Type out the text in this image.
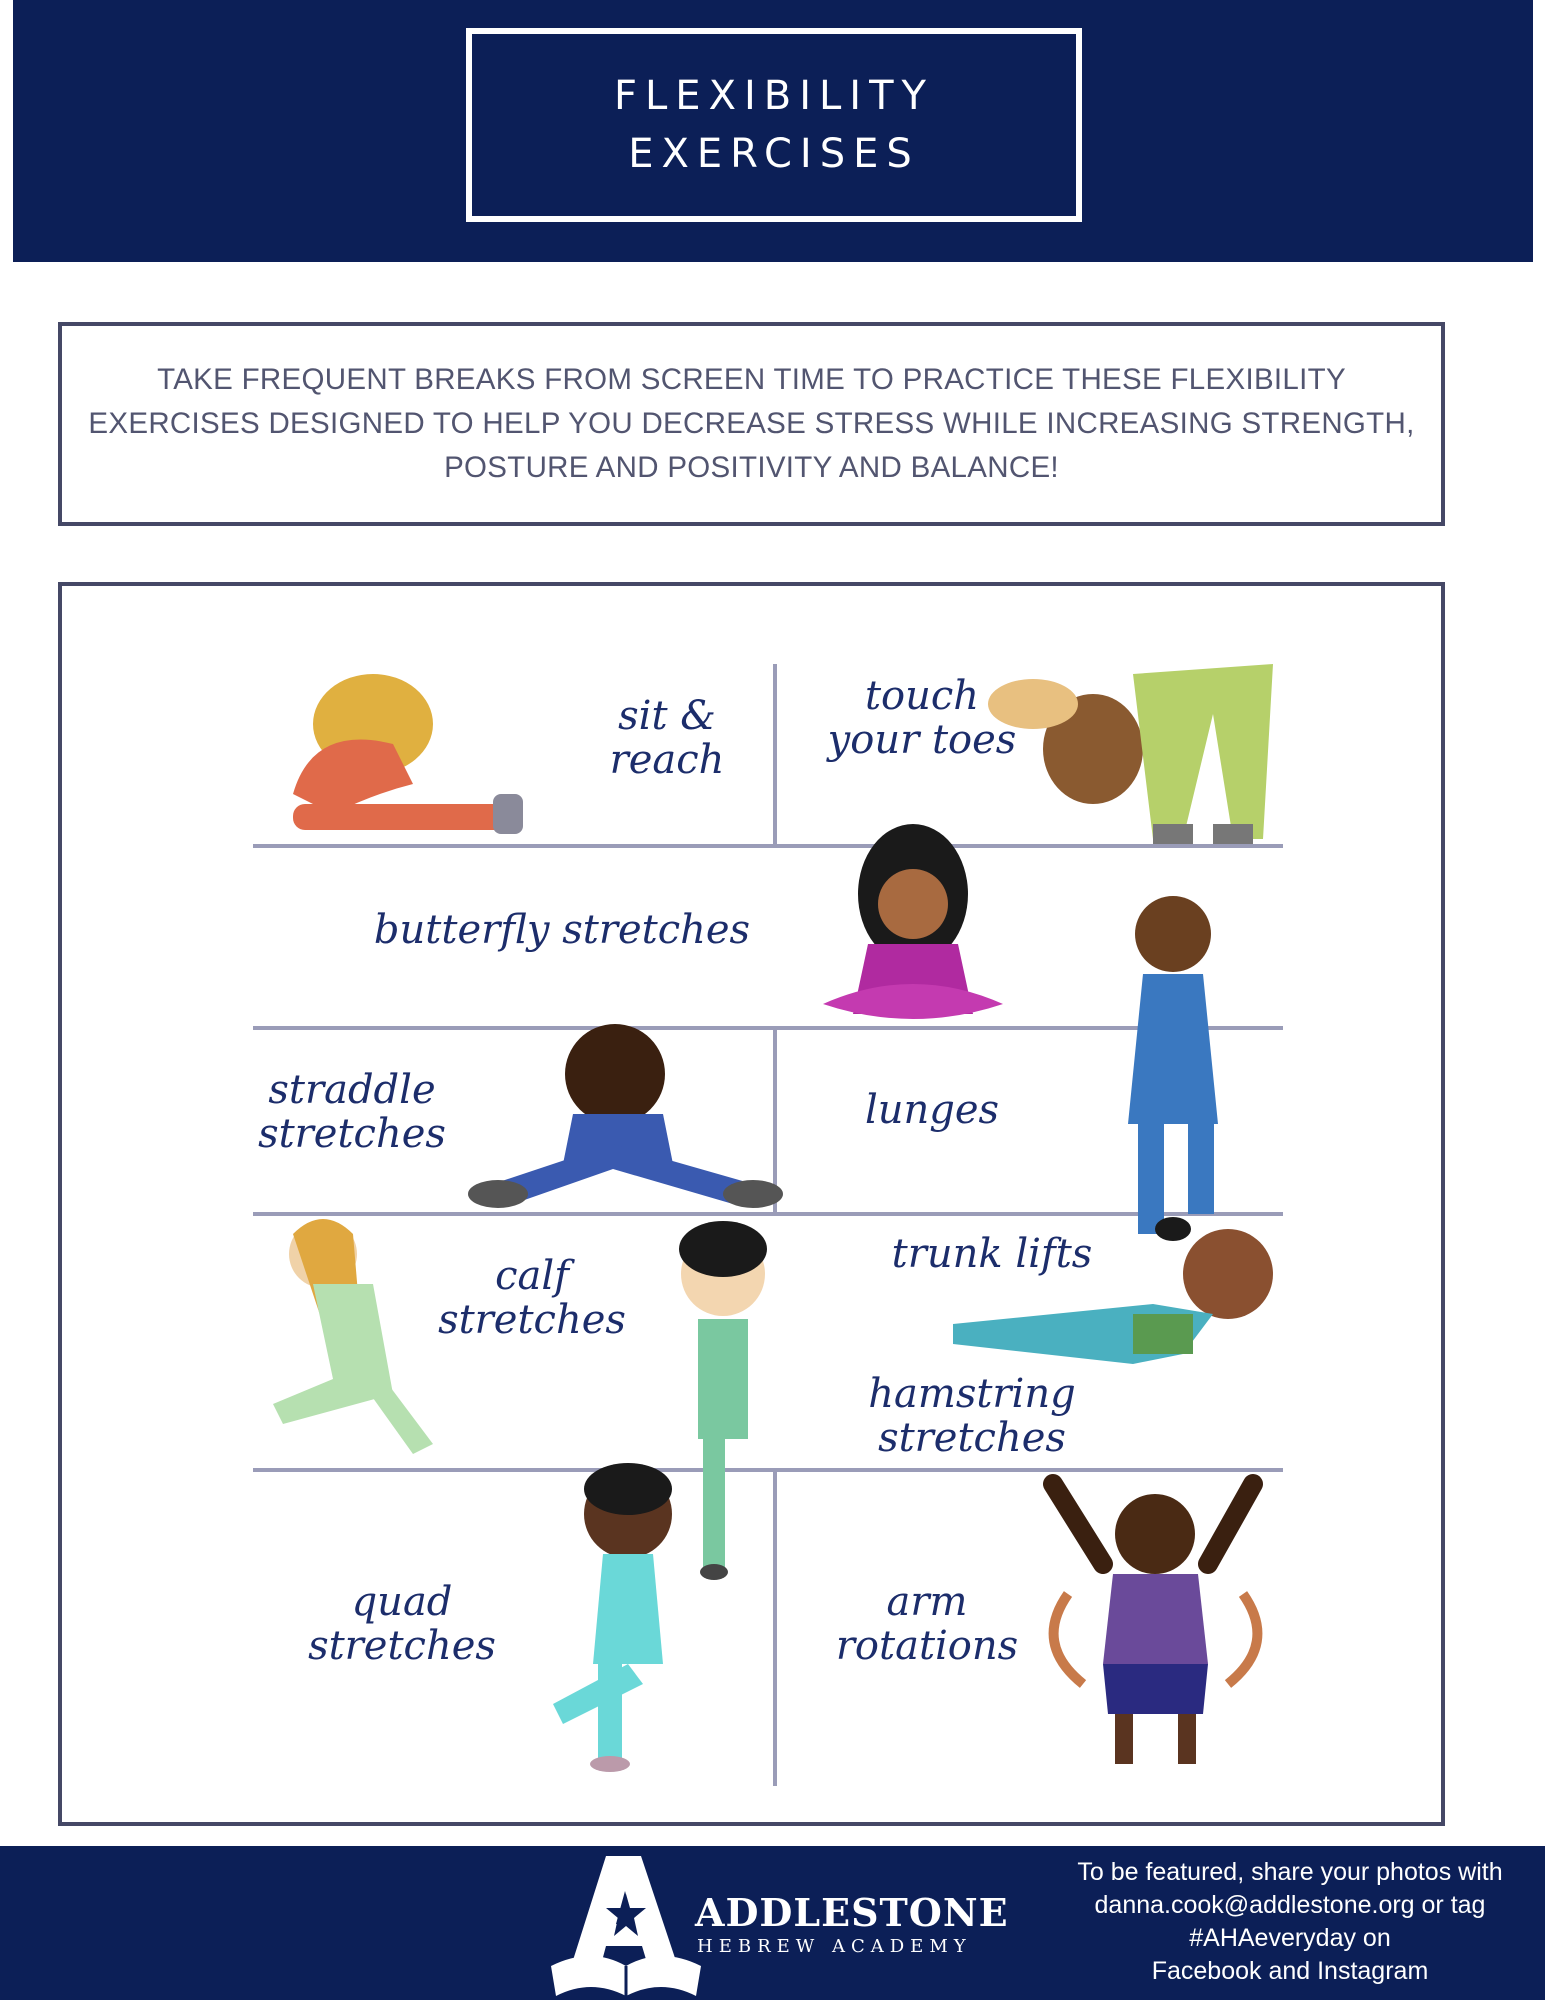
FLEXIBILITY
EXERCISES
TAKE FREQUENT BREAKS FROM SCREEN TIME TO PRACTICE THESE FLEXIBILITY EXERCISES DESIGNED TO HELP YOU DECREASE STRESS WHILE INCREASING STRENGTH, POSTURE AND POSITIVITY AND BALANCE!
sit &
reach
touch
your toes
butterfly stretches
straddle
stretches
lunges
calf
stretches
trunk lifts
hamstring stretches
quad
stretches
arm
rotations
ADDLESTONE
HEBREW ACADEMY
To be featured, share your photos with
danna.cook@addlestone.org or tag
#AHAeveryday on
Facebook and Instagram
